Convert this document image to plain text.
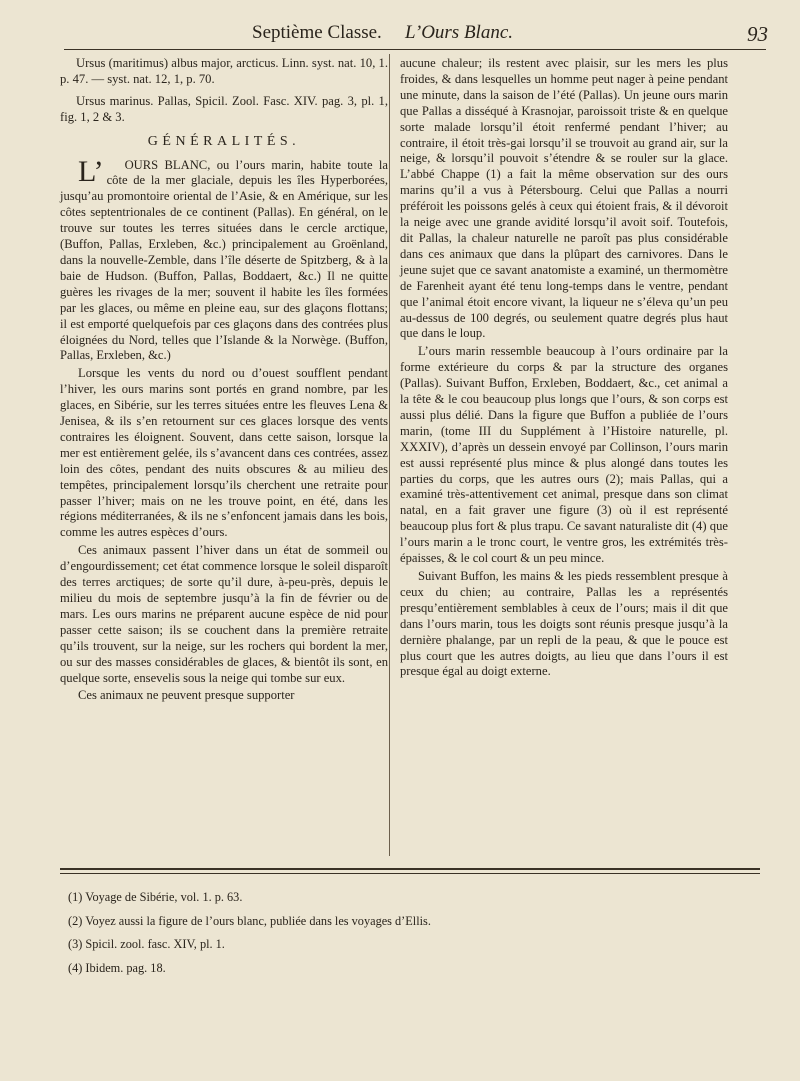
Septième Classe. L’Ours Blanc.	93

Ursus (maritimus) albus major, arcticus. Linn. syst. nat. 10, 1. p. 47. — syst. nat. 12, 1, p. 70.

Ursus marinus. Pallas, Spicil. Zool. Fasc. XIV. pag. 3, pl. 1, fig. 1, 2 & 3.

GÉNÉRALITÉS.

L’OURS BLANC, ou l’ours marin, habite toute la côte de la mer glaciale, depuis les îles Hyperborées, jusqu’au promontoire oriental de l’Asie, & en Amérique, sur les côtes septentrionales de ce continent (Pallas). En général, on le trouve sur toutes les terres situées dans le cercle arctique, (Buffon, Pallas, Erxleben, &c.) principalement au Groënland, dans la nouvelle-Zemble, dans l’île déserte de Spitzberg, & à la baie de Hudson. (Buffon, Pallas, Boddaert, &c.) Il ne quitte guères les rivages de la mer; souvent il habite les îles formées par les glaces, ou même en pleine eau, sur des glaçons flottans; il est emporté quelquefois par ces glaçons dans des contrées plus éloignées du Nord, telles que l’Islande & la Norwège. (Buffon, Pallas, Erxleben, &c.)

Lorsque les vents du nord ou d’ouest soufflent pendant l’hiver, les ours marins sont portés en grand nombre, par les glaces, en Sibérie, sur les terres situées entre les fleuves Lena & Jenisea, & ils s’en retournent sur ces glaces lorsque des vents contraires les éloignent. Souvent, dans cette saison, lorsque la mer est entièrement gelée, ils s’avancent dans ces contrées, assez loin des côtes, pendant des nuits obscures & au milieu des tempêtes, principalement lorsqu’ils cherchent une retraite pour passer l’hiver; mais on ne les trouve point, en été, dans les régions méditerranées, & ils ne s’enfoncent jamais dans les bois, comme les autres espèces d’ours.

Ces animaux passent l’hiver dans un état de sommeil ou d’engourdissement; cet état commence lorsque le soleil disparoît des terres arctiques; de sorte qu’il dure, à-peu-près, depuis le milieu du mois de septembre jusqu’à la fin de février ou de mars. Les ours marins ne préparent aucune espèce de nid pour passer cette saison; ils se couchent dans la première retraite qu’ils trouvent, sur la neige, sur les rochers qui bordent la mer, ou sur des masses considérables de glaces, & bientôt ils sont, en quelque sorte, ensevelis sous la neige qui tombe sur eux.

Ces animaux ne peuvent presque supporter

aucune chaleur; ils restent avec plaisir, sur les mers les plus froides, & dans lesquelles un homme peut nager à peine pendant une minute, dans la saison de l’été (Pallas). Un jeune ours marin que Pallas a disséqué à Krasnojar, paroissoit triste & en quelque sorte malade lorsqu’il étoit renfermé pendant l’hiver; au contraire, il étoit très-gai lorsqu’il se trouvoit au grand air, sur la neige, & lorsqu’il pouvoit s’étendre & se rouler sur la glace. L’abbé Chappe (1) a fait la même observation sur des ours marins qu’il a vus à Pétersbourg. Celui que Pallas a nourri préféroit les poissons gelés à ceux qui étoient frais, & il dévoroit la neige avec une grande avidité lorsqu’il avoit soif. Toutefois, dit Pallas, la chaleur naturelle ne paroît pas plus considérable dans ces animaux que dans la plûpart des carnivores. Dans le jeune sujet que ce savant anatomiste a examiné, un thermomètre de Farenheit ayant été tenu long-temps dans le ventre, pendant que l’animal étoit encore vivant, la liqueur ne s’éleva qu’un peu au-dessus de 100 degrés, ou seulement quatre degrés plus haut que dans le loup.

L’ours marin ressemble beaucoup à l’ours ordinaire par la forme extérieure du corps & par la structure des organes (Pallas). Suivant Buffon, Erxleben, Boddaert, &c., cet animal a la tête & le cou beaucoup plus longs que l’ours, & son corps est aussi plus délié. Dans la figure que Buffon a publiée de l’ours marin, (tome III du Supplément à l’Histoire naturelle, pl. XXXIV), d’après un dessein envoyé par Collinson, l’ours marin est aussi représenté plus mince & plus alongé dans toutes les parties du corps, que les autres ours (2); mais Pallas, qui a examiné très-attentivement cet animal, presque dans son climat natal, en a fait graver une figure (3) où il est représenté beaucoup plus fort & plus trapu. Ce savant naturaliste dit (4) que l’ours marin a le tronc court, le ventre gros, les extrémités très-épaisses, & le col court & un peu mince.

Suivant Buffon, les mains & les pieds ressemblent presque à ceux du chien; au contraire, Pallas les a représentés presqu’entièrement semblables à ceux de l’ours; mais il dit que dans l’ours marin, tous les doigts sont réunis presque jusqu’à la dernière phalange, par un repli de la peau, & que le pouce est plus court que les autres doigts, au lieu que dans l’ours il est presque égal au doigt externe.

(1) Voyage de Sibérie, vol. 1. p. 63.
(2) Voyez aussi la figure de l’ours blanc, publiée dans les voyages d’Ellis.
(3) Spicil. zool. fasc. XIV, pl. 1.
(4) Ibidem. pag. 18.
